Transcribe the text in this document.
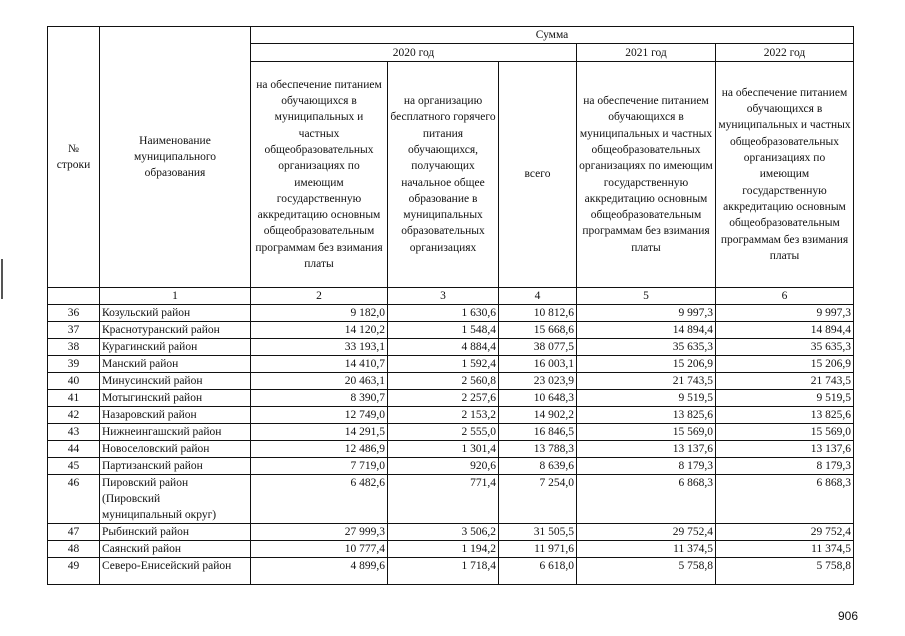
№ строки	Наименование муниципального образования	Сумма				
		2020 год			2021 год	2022 год
		на обеспечение питанием обучающихся в муниципальных и частных общеобразовательных организациях по имеющим государственную аккредитацию основным общеобразовательным программам без взимания платы	на организацию бесплатного горячего питания обучающихся, получающих начальное общее образование в муниципальных образовательных организациях	всего	на обеспечение питанием обучающихся в муниципальных и частных общеобразовательных организациях по имеющим государственную аккредитацию основным общеобразовательным программам без взимания платы	на обеспечение питанием обучающихся в муниципальных и частных общеобразовательных организациях по имеющим государственную аккредитацию основным общеобразовательным программам без взимания платы
	1	2	3	4	5	6
36	Козульский район	9 182,0	1 630,6	10 812,6	9 997,3	9 997,3
37	Краснотуранский район	14 120,2	1 548,4	15 668,6	14 894,4	14 894,4
38	Курагинский район	33 193,1	4 884,4	38 077,5	35 635,3	35 635,3
39	Манский район	14 410,7	1 592,4	16 003,1	15 206,9	15 206,9
40	Минусинский район	20 463,1	2 560,8	23 023,9	21 743,5	21 743,5
41	Мотыгинский район	8 390,7	2 257,6	10 648,3	9 519,5	9 519,5
42	Назаровский район	12 749,0	2 153,2	14 902,2	13 825,6	13 825,6
43	Нижнеингашский район	14 291,5	2 555,0	16 846,5	15 569,0	15 569,0
44	Новоселовский район	12 486,9	1 301,4	13 788,3	13 137,6	13 137,6
45	Партизанский район	7 719,0	920,6	8 639,6	8 179,3	8 179,3
46	Пировский район (Пировский муниципальный округ)	6 482,6	771,4	7 254,0	6 868,3	6 868,3
47	Рыбинский район	27 999,3	3 506,2	31 505,5	29 752,4	29 752,4
48	Саянский район	10 777,4	1 194,2	11 971,6	11 374,5	11 374,5
49	Северо-Енисейский район	4 899,6	1 718,4	6 618,0	5 758,8	5 758,8
906
